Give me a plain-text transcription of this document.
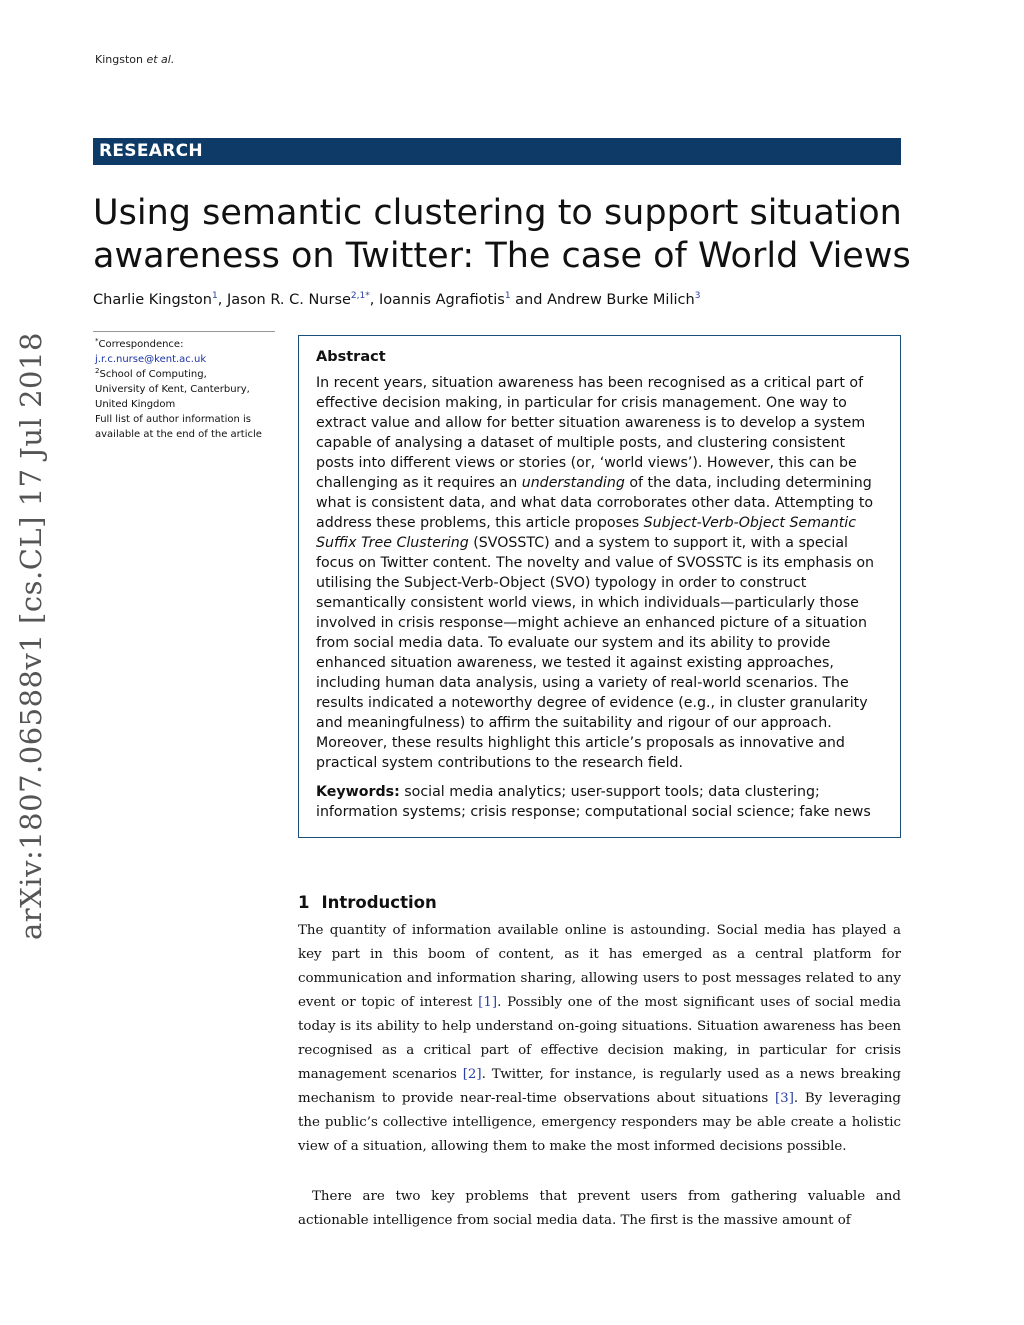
Kingston et al.
RESEARCH
Using semantic clustering to support situation awareness on Twitter: The case of World Views
Charlie Kingston$^1$, Jason R. C. Nurse$^{2,1*}$, Ioannis Agrafiotis$^1$ and Andrew Burke Milich$^3$
*Correspondence:
j.r.c.nurse@kent.ac.uk
$^2$School of Computing,
University of Kent, Canterbury,
United Kingdom
Full list of author information is
available at the end of the article
arXiv:1807.06588v1 [cs.CL] 17 Jul 2018	Abstract

In recent years, situation awareness has been recognised as a critical part of effective decision making, in particular for crisis management. One way to extract value and allow for better situation awareness is to develop a system capable of analysing a dataset of multiple posts, and clustering consistent posts into different views or stories (or, ‘world views’). However, this can be challenging as it requires an understanding of the data, including determining what is consistent data, and what data corroborates other data. Attempting to address these problems, this article proposes Subject-Verb-Object Semantic Suffix Tree Clustering (SVOSSTC) and a system to support it, with a special focus on Twitter content. The novelty and value of SVOSSTC is its emphasis on utilising the Subject-Verb-Object (SVO) typology in order to construct semantically consistent world views, in which individuals—particularly those involved in crisis response—might achieve an enhanced picture of a situation from social media data. To evaluate our system and its ability to provide enhanced situation awareness, we tested it against existing approaches, including human data analysis, using a variety of real-world scenarios. The results indicated a noteworthy degree of evidence (e.g., in cluster granularity and meaningfulness) to affirm the suitability and rigour of our approach. Moreover, these results highlight this article’s proposals as innovative and practical system contributions to the research field.

Keywords: social media analytics; user-support tools; data clustering; information systems; crisis response; computational social science; fake news

1 Introduction

The quantity of information available online is astounding. Social media has played a key part in this boom of content, as it has emerged as a central platform for communication and information sharing, allowing users to post messages related to any event or topic of interest [1]. Possibly one of the most significant uses of social media today is its ability to help understand on-going situations. Situation awareness has been recognised as a critical part of effective decision making, in particular for crisis management scenarios [2]. Twitter, for instance, is regularly used as a news breaking mechanism to provide near-real-time observations about situations [3]. By leveraging the public’s collective intelligence, emergency responders may be able create a holistic view of a situation, allowing them to make the most informed decisions possible.

There are two key problems that prevent users from gathering valuable and actionable intelligence from social media data. The first is the massive amount of
